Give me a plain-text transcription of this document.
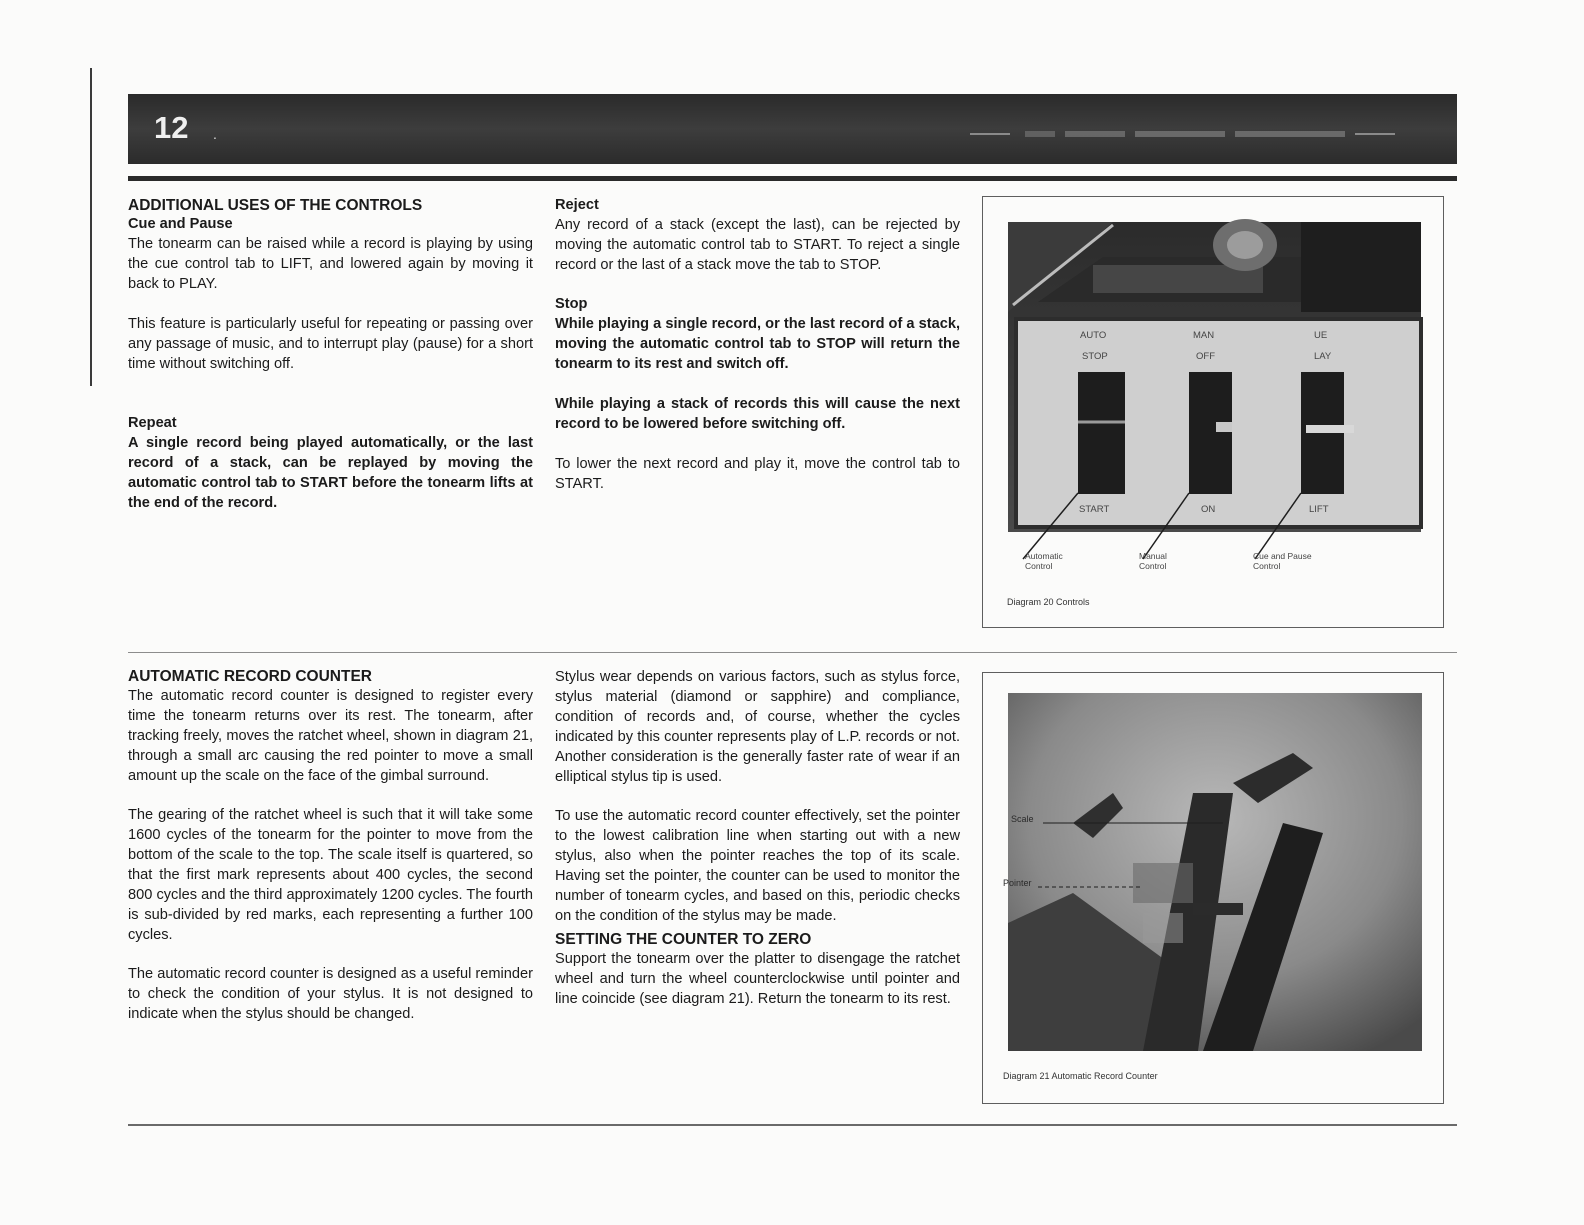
12 .
ADDITIONAL USES OF THE CONTROLS
Cue and Pause

The tonearm can be raised while a record is playing by using the cue control tab to LIFT, and lowered again by moving it back to PLAY.

This feature is particularly useful for repeating or passing over any passage of music, and to interrupt play (pause) for a short time without switching off.

Repeat

A single record being played automatically, or the last record of a stack, can be replayed by moving the automatic control tab to START before the tonearm lifts at the end of the record.

Reject

Any record of a stack (except the last), can be rejected by moving the automatic control tab to START. To reject a single record or the last of a stack move the tab to STOP.

Stop

While playing a single record, or the last record of a stack, moving the automatic control tab to STOP will return the tonearm to its rest and switch off.

While playing a stack of records this will cause the next record to be lowered before switching off.

To lower the next record and play it, move the control tab to START.

AUTO
STOP
MAN
OFF
UE
LAY
START	ON	LIFT
Automatic
Control
Manual
Control
Cue and Pause
Control
Diagram 20 Controls
AUTOMATIC RECORD COUNTER

The automatic record counter is designed to register every time the tonearm returns over its rest. The tonearm, after tracking freely, moves the ratchet wheel, shown in diagram 21, through a small arc causing the red pointer to move a small amount up the scale on the face of the gimbal surround.

The gearing of the ratchet wheel is such that it will take some 1600 cycles of the tonearm for the pointer to move from the bottom of the scale to the top. The scale itself is quartered, so that the first mark represents about 400 cycles, the second 800 cycles and the third approximately 1200 cycles. The fourth is sub-divided by red marks, each representing a further 100 cycles.

The automatic record counter is designed as a useful reminder to check the condition of your stylus. It is not designed to indicate when the stylus should be changed.

Stylus wear depends on various factors, such as stylus force, stylus material (diamond or sapphire) and compliance, condition of records and, of course, whether the cycles indicated by this counter represents play of L.P. records or not. Another consideration is the generally faster rate of wear if an elliptical stylus tip is used.

To use the automatic record counter effectively, set the pointer to the lowest calibration line when starting out with a new stylus, also when the pointer reaches the top of its scale. Having set the pointer, the counter can be used to monitor the number of tonearm cycles, and based on this, periodic checks on the condition of the stylus may be made.

SETTING THE COUNTER TO ZERO

Support the tonearm over the platter to disengage the ratchet wheel and turn the wheel counterclockwise until pointer and line coincide (see diagram 21). Return the tonearm to its rest.

Scale
Pointer
Diagram 21 Automatic Record Counter
